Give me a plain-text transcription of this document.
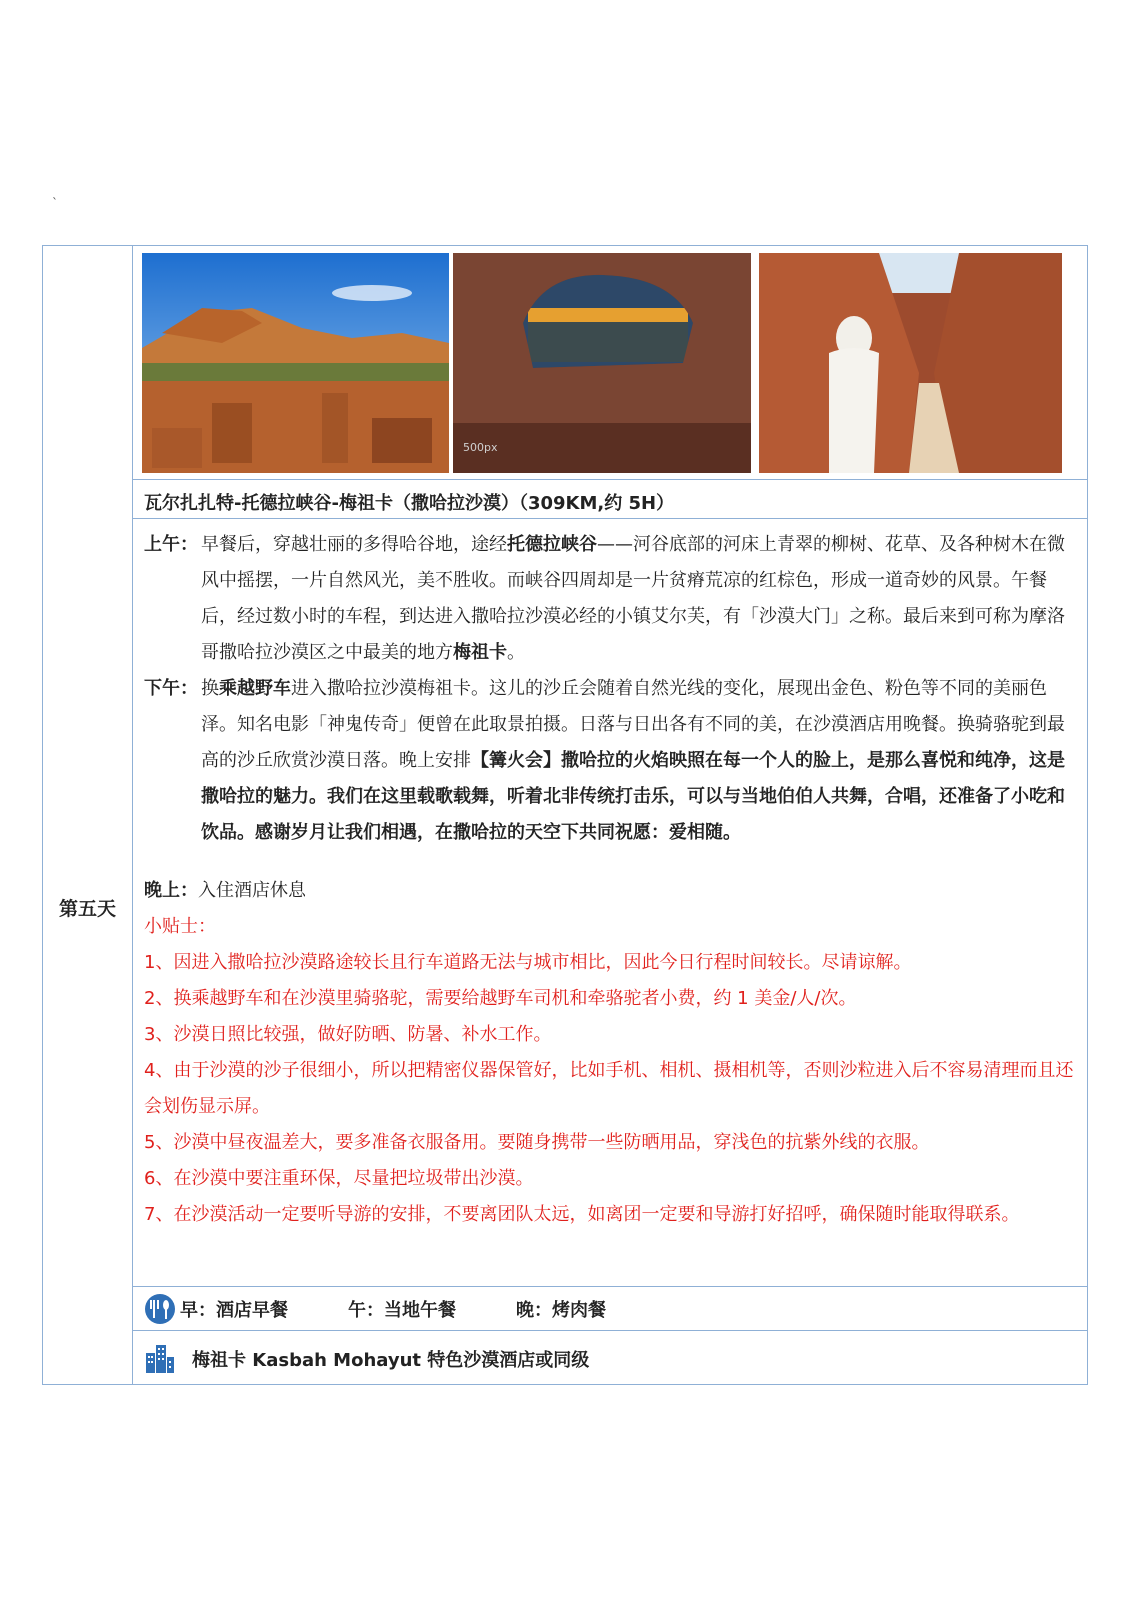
`
第五天
500px
瓦尔扎扎特-托德拉峡谷-梅祖卡（撒哈拉沙漠）（309KM,约 5H）
上午： 早餐后，穿越壮丽的多得哈谷地，途经托德拉峡谷——河谷底部的河床上青翠的柳树、花草、及各种树木在微风中摇摆，一片自然风光，美不胜收。而峡谷四周却是一片贫瘠荒凉的红棕色，形成一道奇妙的风景。午餐后，经过数小时的车程，到达进入撒哈拉沙漠必经的小镇艾尔芙，有「沙漠大门」之称。最后来到可称为摩洛哥撒哈拉沙漠区之中最美的地方梅祖卡。
下午： 换乘越野车进入撒哈拉沙漠梅祖卡。这儿的沙丘会随着自然光线的变化，展现出金色、粉色等不同的美丽色泽。知名电影「神鬼传奇」便曾在此取景拍摄。日落与日出各有不同的美，在沙漠酒店用晚餐。换骑骆驼到最高的沙丘欣赏沙漠日落。晚上安排【篝火会】撒哈拉的火焰映照在每一个人的脸上，是那么喜悦和纯净，这是撒哈拉的魅力。我们在这里载歌载舞，听着北非传统打击乐，可以与当地伯伯人共舞，合唱，还准备了小吃和饮品。感谢岁月让我们相遇，在撒哈拉的天空下共同祝愿：爱相随。
晚上：入住酒店休息
小贴士：
1、因进入撒哈拉沙漠路途较长且行车道路无法与城市相比，因此今日行程时间较长。尽请谅解。
2、换乘越野车和在沙漠里骑骆驼，需要给越野车司机和牵骆驼者小费，约 1 美金/人/次。
3、沙漠日照比较强，做好防晒、防暑、补水工作。
4、由于沙漠的沙子很细小，所以把精密仪器保管好，比如手机、相机、摄相机等，否则沙粒进入后不容易清理而且还会划伤显示屏。
5、沙漠中昼夜温差大，要多准备衣服备用。要随身携带一些防晒用品，穿浅色的抗紫外线的衣服。
6、在沙漠中要注重环保，尽量把垃圾带出沙漠。
7、在沙漠活动一定要听导游的安排，不要离团队太远，如离团一定要和导游打好招呼，确保随时能取得联系。
早：酒店早餐	午：当地午餐	晚：烤肉餐
梅祖卡 Kasbah Mohayut 特色沙漠酒店或同级
